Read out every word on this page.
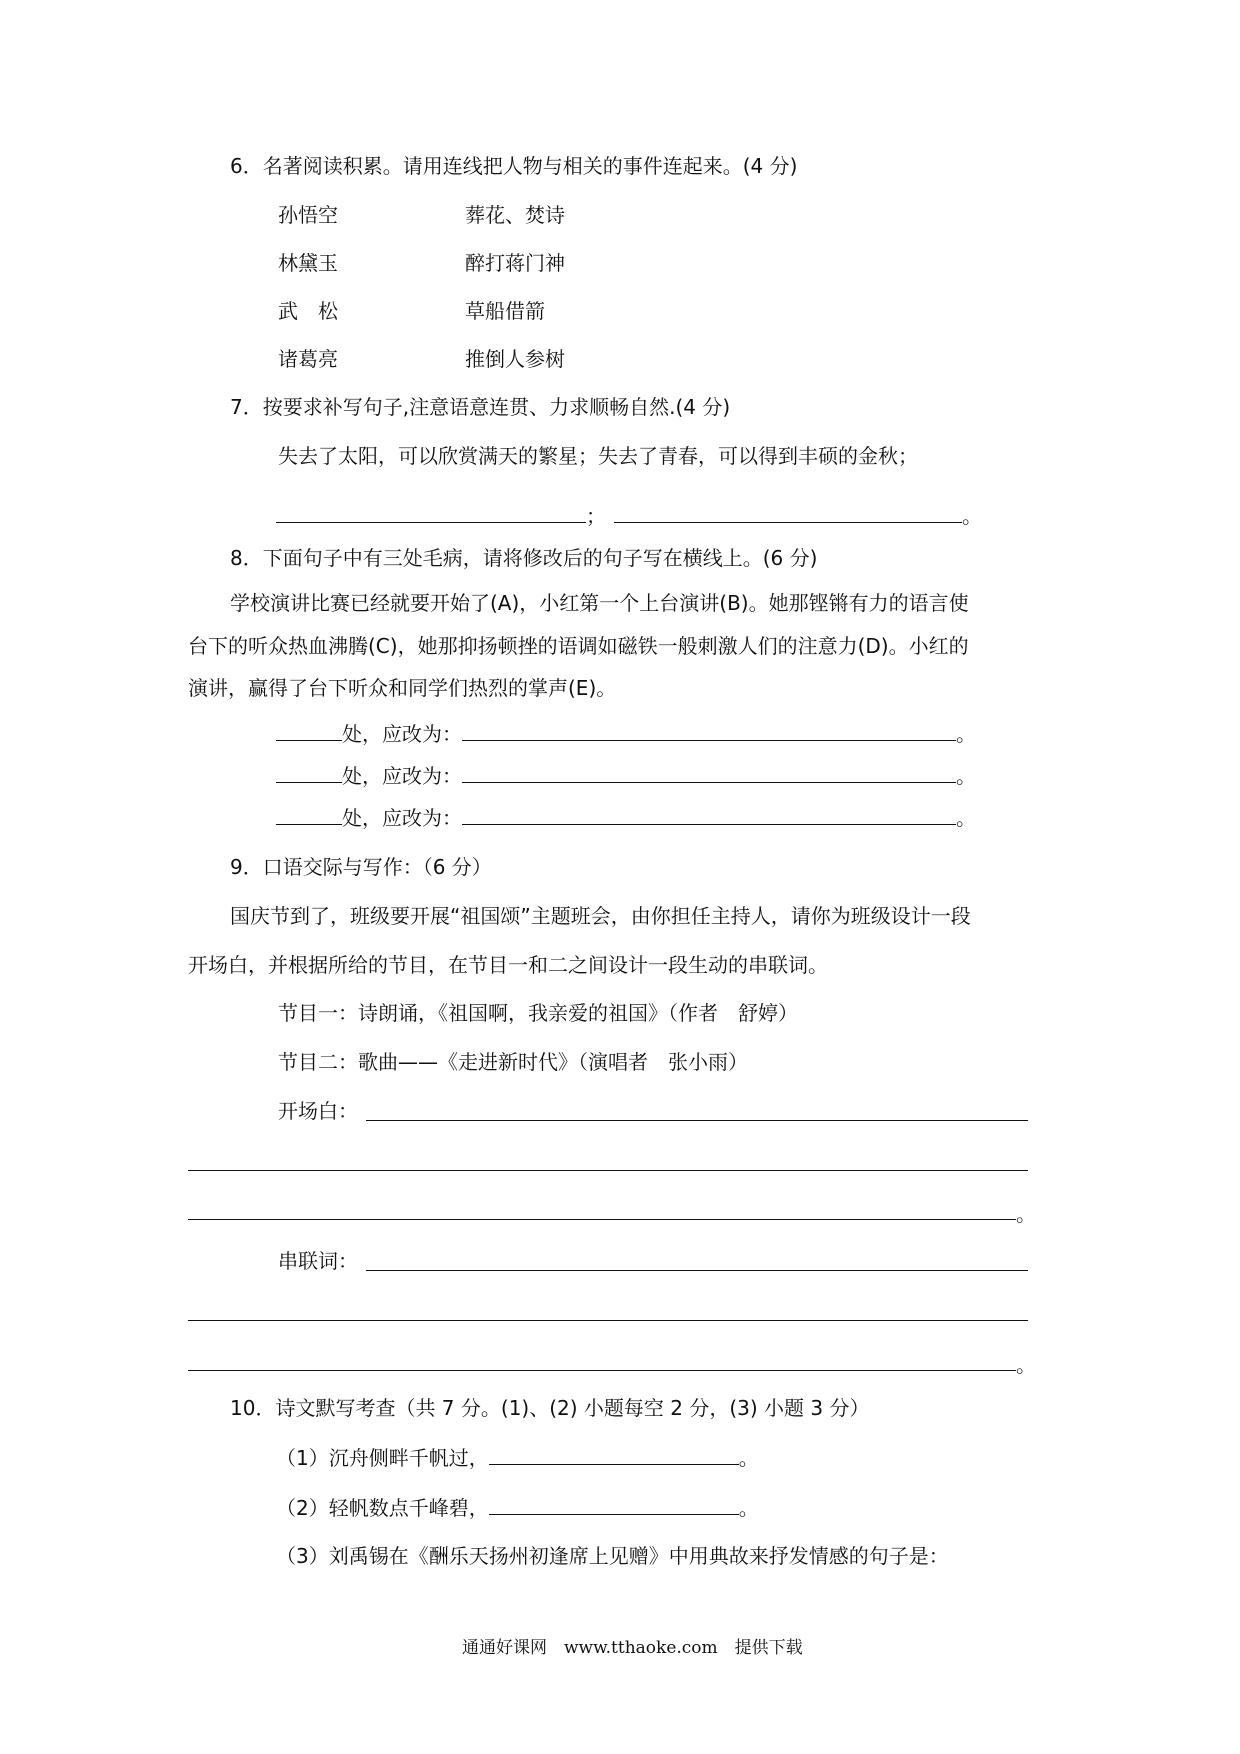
6．名著阅读积累。请用连线把人物与相关的事件连起来。(4 分)
孙悟空	葬花、焚诗
林黛玉	醉打蒋门神
武　松	草船借箭
诸葛亮	推倒人参树
7．按要求补写句子,注意语意连贯、力求顺畅自然.(4 分)
失去了太阳，可以欣赏满天的繁星；失去了青春，可以得到丰硕的金秋；
；	。
8．下面句子中有三处毛病，请将修改后的句子写在横线上。(6 分)
学校演讲比赛已经就要开始了(A)，小红第一个上台演讲(B)。她那铿锵有力的语言使
台下的听众热血沸腾(C)，她那抑扬顿挫的语调如磁铁一般刺激人们的注意力(D)。小红的
演讲，赢得了台下听众和同学们热烈的掌声(E)。
处，应改为：	。
处，应改为：	。
处，应改为：	。
9．口语交际与写作：（6 分）
国庆节到了，班级要开展“祖国颂”主题班会，由你担任主持人，请你为班级设计一段
开场白，并根据所给的节目，在节目一和二之间设计一段生动的串联词。
节目一：诗朗诵，《祖国啊，我亲爱的祖国》（作者　舒婷）
节目二：歌曲——《走进新时代》（演唱者　张小雨）
开场白：
。
串联词：
。
10．诗文默写考查（共 7 分。(1)、(2) 小题每空 2 分，(3) 小题 3 分）
（1）沉舟侧畔千帆过，	。
（2）轻帆数点千峰碧，	。
（3）刘禹锡在《酬乐天扬州初逢席上见赠》中用典故来抒发情感的句子是：
通通好课网　www.tthaoke.com　提供下载
